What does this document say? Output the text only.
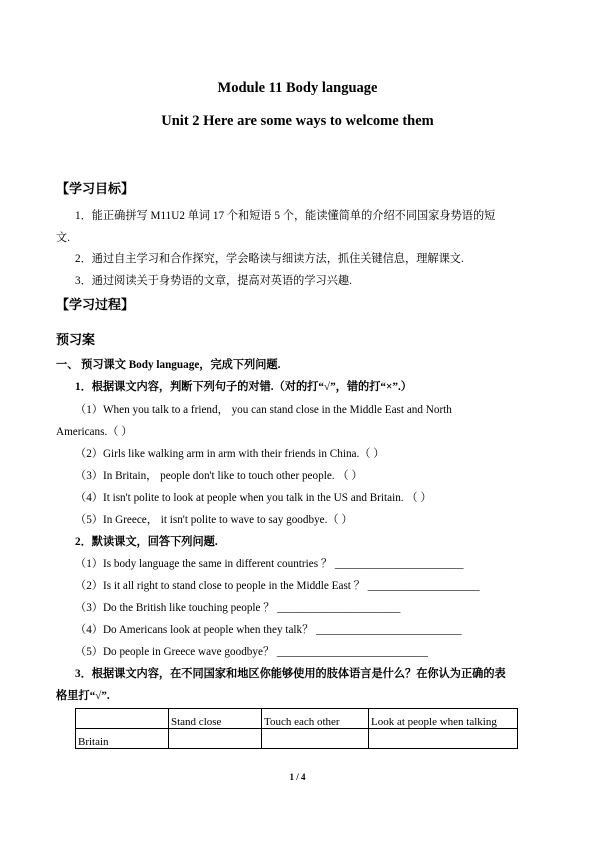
Module 11 Body language
Unit 2 Here are some ways to welcome them
【学习目标】
1．能正确拼写 M11U2 单词 17 个和短语 5 个，能读懂简单的介绍不同国家身势语的短
文.
2．通过自主学习和合作探究，学会略读与细读方法，抓住关键信息，理解课文.
3．通过阅读关于身势语的文章，提高对英语的学习兴趣.
【学习过程】
预习案
一、 预习课文 Body language，完成下列问题.
1．根据课文内容，判断下列句子的对错.（对的打“√”，错的打“×”.）
（1）When you talk to a friend， you can stand close in the Middle East and North
Americans.（ ）
（2）Girls like walking arm in arm with their friends in China.（ ）
（3）In Britain， people don't like to touch other people. （ ）
（4）It isn't polite to look at people when you talk in the US and Britain. （ ）
（5）In Greece， it isn't polite to wave to say goodbye.（ ）
2．默读课文，回答下列问题.
（1）Is body language the same in different countries ？ _______________________
（2）Is it all right to stand close to people in the Middle East ？ ____________________
（3）Do the British like touching people ？ ______________________
（4）Do Americans look at people when they talk？ __________________________
（5）Do people in Greece wave goodbye？ ___________________________
3．根据课文内容，在不同国家和地区你能够使用的肢体语言是什么？在你认为正确的表
格里打“√”.
	Stand close	Touch each other	Look at people when talking
Britain			
1 / 4
